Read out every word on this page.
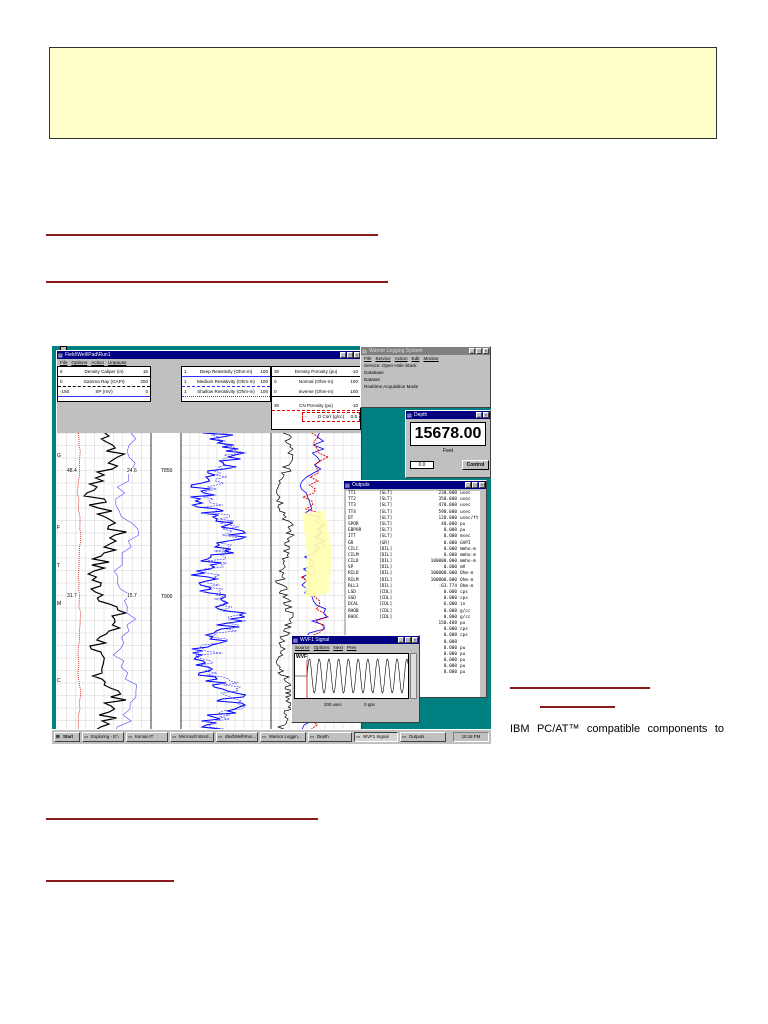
IBM PC/AT™ compatible components to
▤ Field\Well\Pad\Run1	_	□	×
File Options Action Unpause
6	Density Caliper (in)	16
0	Gamma Ray (GAPI)	200
-150	SP (mV)	0
1	Deep Resistivity (Ohm-m)	100
1	Medium Resistivity (Ohm-m)	100
1	Shallow Resistivity (Ohm-m)	100
30	Density Porosity (pu)	-10
0	Normal (Ohm-m)	100
0	Inverse (Ohm-m)	100
30	CN Porosity (pu)	-10
-	D Corr (g/cc)	0.5
T850
T900
48.4	24.6
31.7	15.7
G
F
T
M
C
▤ Warrior Logging System	_	□	×
File Service Action Edit Monitor
Service: Open Hole Stack
Database
Dataset
Realtime Acquisition Mode
▤ Depth	_	×
15678.00
Feet
0.0	Control
▤ Outputs	_	□	×
TT1	[SLT]	230.000 usec
TT2	[SLT]	350.000 usec
TT3	[SLT]	470.000 usec
TT4	[SLT]	590.000 usec
DT	[SLT]	120.000 usec/ft
SPOR	[SLT]	40.000 pu
EBPOR	[SLT]	0.000 pu
ITT	[SLT]	0.000 msec
GR	[GR]	0.000 GAPI
CILC	[DIL]	0.000 mmho-m
CILM	[DIL]	0.000 mmho-m
CILD	[DIL]	100000.000 mmho-m
SP	[DIL]	0.000 mV
RILD	[DIL]	100000.000 Ohm-m
RILM	[DIL]	100000.000 Ohm-m
RLL3	[DIL]	-63.774 Ohm-m
LSD	[CDL]	0.000 cps
SSD	[CDL]	0.000 cps
DCAL	[CDL]	6.000 in
RHOB	[CDL]	0.000 g/cc
RHOC	[CDL]	0.000 g/cc
150.488 pu
0.000 cps
0.000 cps
0.000
0.000 pu
0.000 pu
0.000 pu
0.000 pu
0.000 pu
▤ WVF1 Signal	_	□	×
Source Options Next Prev
WVF
200 usec	0 pps
⊞ Start	▭ Exploring - E:\	▭ Kumar-IT	▭ Microsoft Word...	▭ dted\Well\Run...	▭ Warrior Loggin...	▭ Depth	▭ WVF1 Signal	▭ Outputs	10:18 PM
